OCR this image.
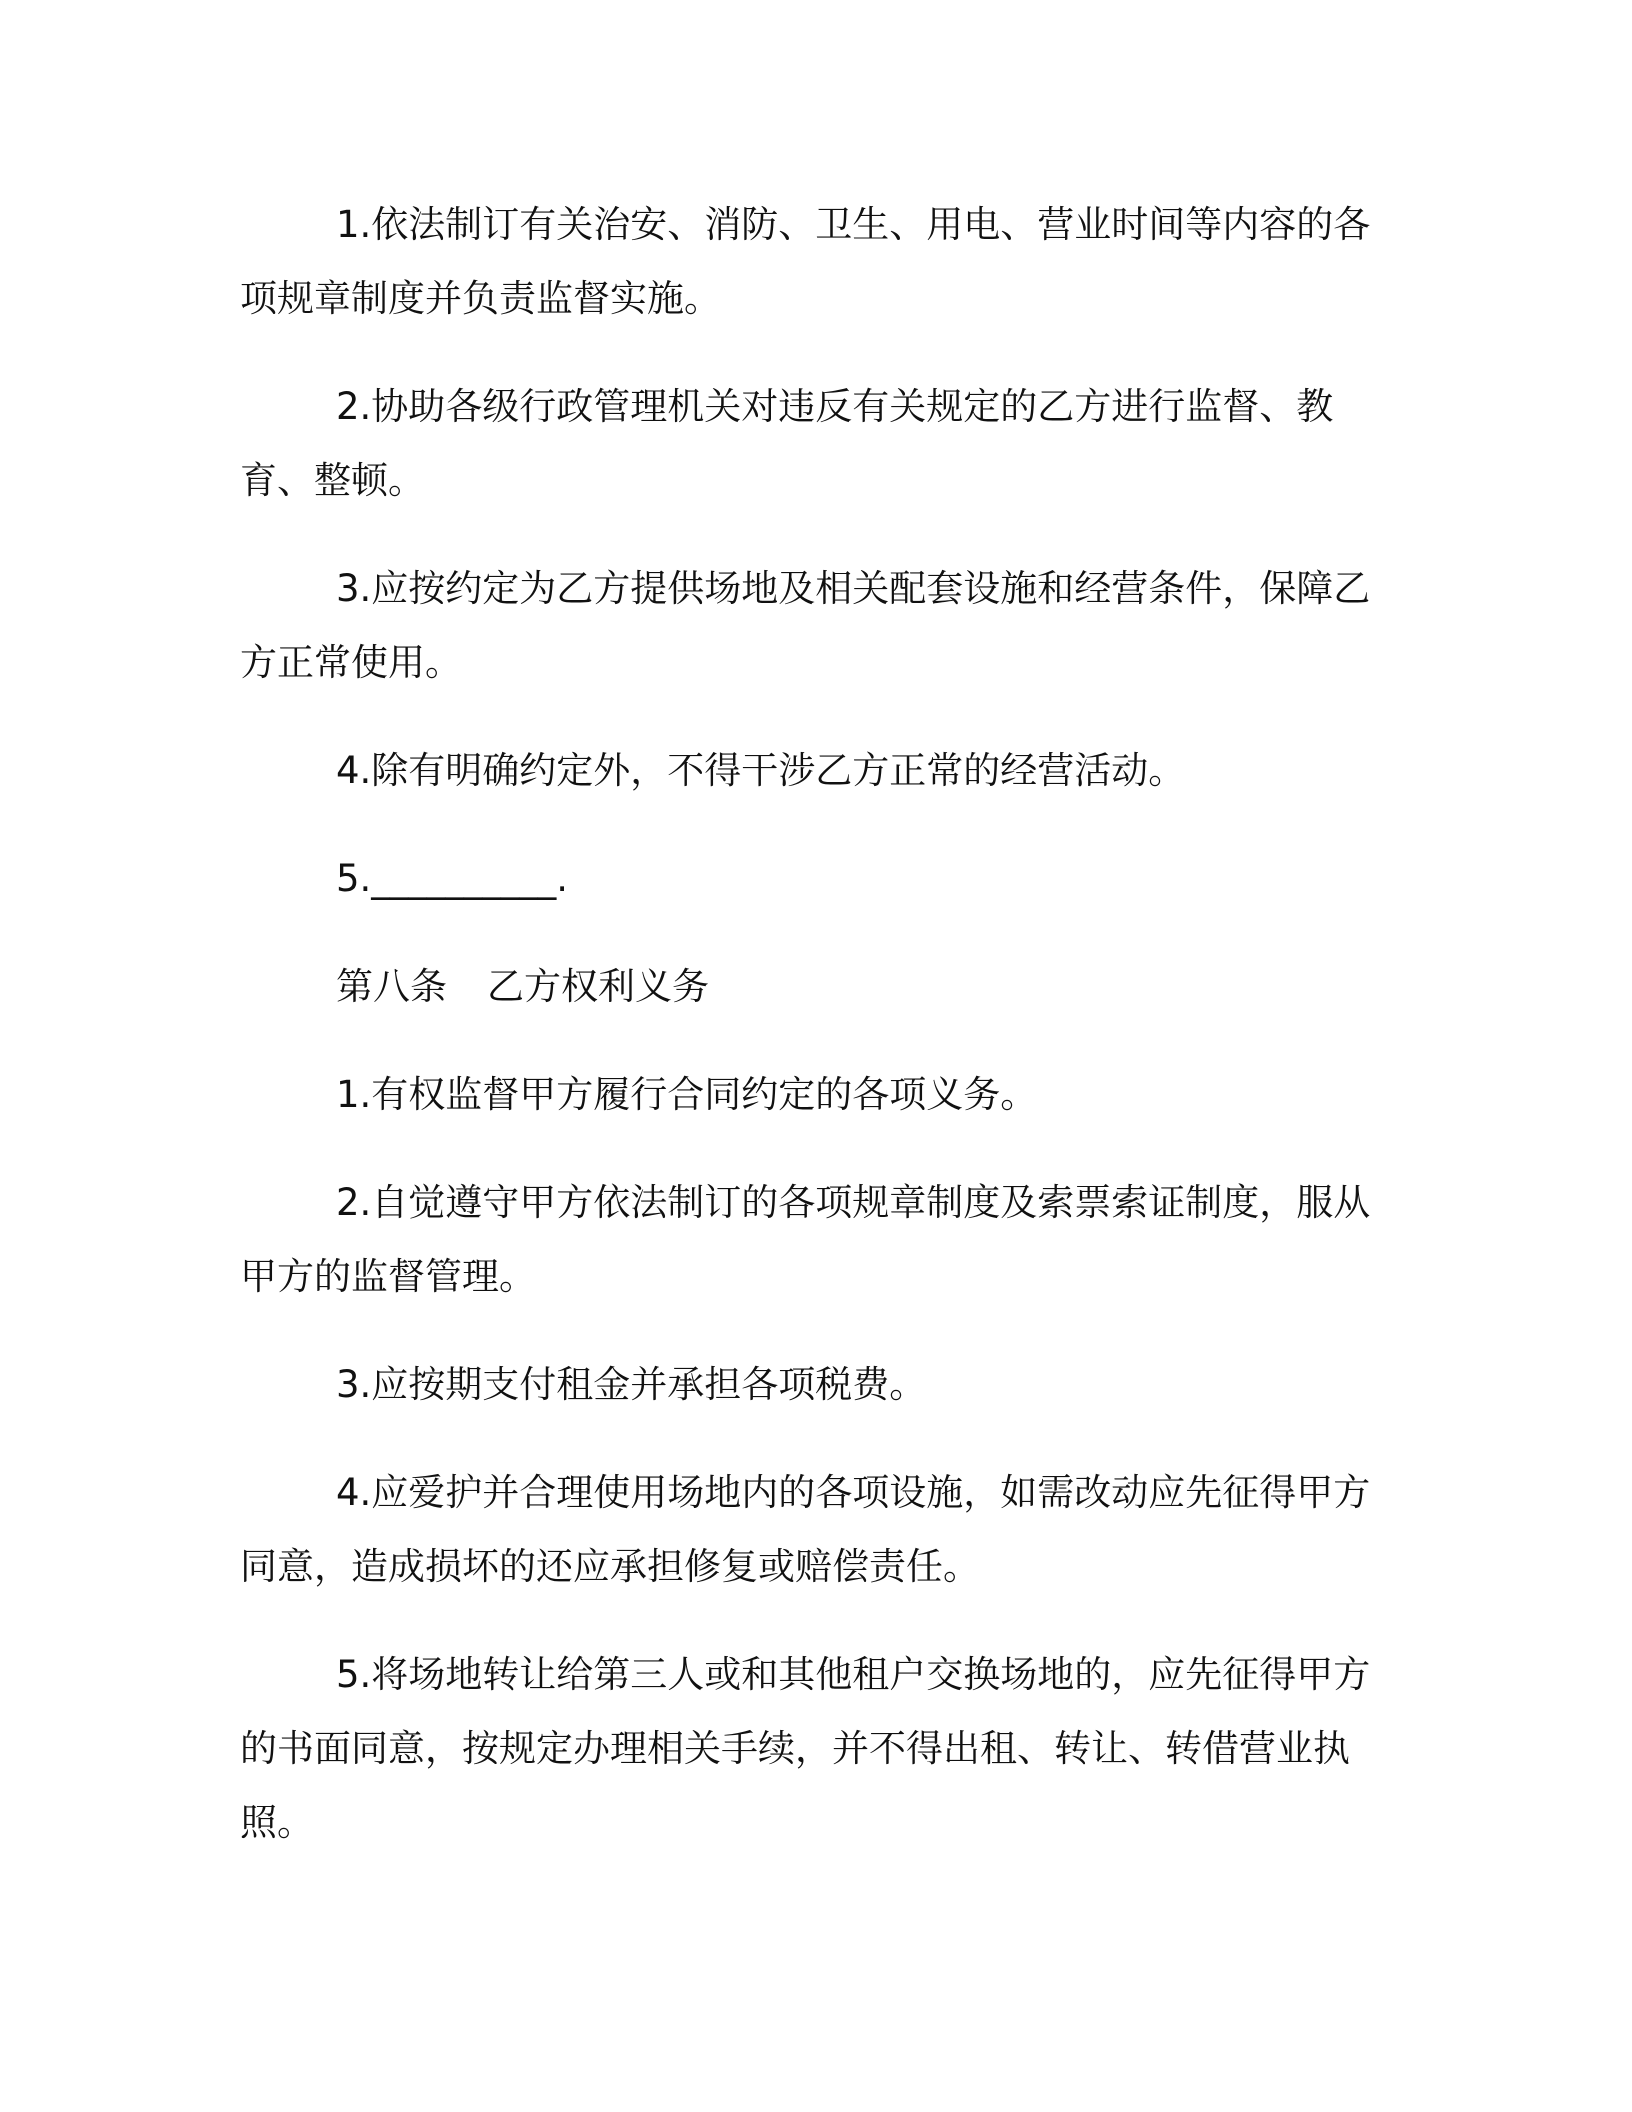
1.依法制订有关治安、消防、卫生、用电、营业时间等内容的各项规章制度并负责监督实施。

2.协助各级行政管理机关对违反有关规定的乙方进行监督、教育、整顿。

3.应按约定为乙方提供场地及相关配套设施和经营条件，保障乙方正常使用。

4.除有明确约定外，不得干涉乙方正常的经营活动。

5.__________.

第八条 乙方权利义务

1.有权监督甲方履行合同约定的各项义务。

2.自觉遵守甲方依法制订的各项规章制度及索票索证制度，服从甲方的监督管理。

3.应按期支付租金并承担各项税费。

4.应爱护并合理使用场地内的各项设施，如需改动应先征得甲方同意，造成损坏的还应承担修复或赔偿责任。

5.将场地转让给第三人或和其他租户交换场地的，应先征得甲方的书面同意，按规定办理相关手续，并不得出租、转让、转借营业执照。
